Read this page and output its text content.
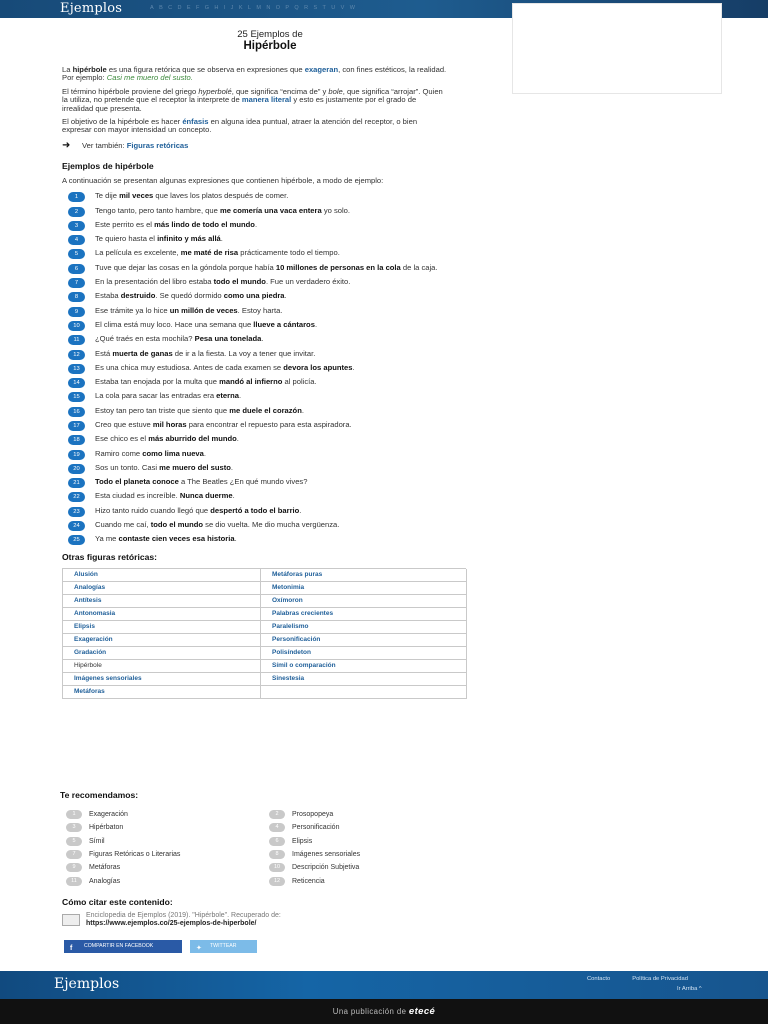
Ejemplos	A B C D E F G H I J K L M N O P Q R S T U V W
25 Ejemplos de
Hipérbole

La hipérbole es una figura retórica que se observa en expresiones que exageran, con fines estéticos, la realidad. Por ejemplo: Casi me muero del susto.

El término hipérbole proviene del griego hyperbolé, que significa “encima de” y bole, que significa “arrojar”. Quien la utiliza, no pretende que el receptor la interprete de manera literal y esto es justamente por el grado de irrealidad que presenta.

El objetivo de la hipérbole es hacer énfasis en alguna idea puntual, atraer la atención del receptor, o bien expresar con mayor intensidad un concepto.

➜	Ver también: Figuras retóricas
Ejemplos de hipérbole

A continuación se presentan algunas expresiones que contienen hipérbole, a modo de ejemplo:

1	Te dije mil veces que laves los platos después de comer.
2	Tengo tanto, pero tanto hambre, que me comería una vaca entera yo solo.
3	Este perrito es el más lindo de todo el mundo.
4	Te quiero hasta el infinito y más allá.
5	La película es excelente, me maté de risa prácticamente todo el tiempo.
6	Tuve que dejar las cosas en la góndola porque había 10 millones de personas en la cola de la caja.
7	En la presentación del libro estaba todo el mundo. Fue un verdadero éxito.
8	Estaba destruido. Se quedó dormido como una piedra.
9	Ese trámite ya lo hice un millón de veces. Estoy harta.
10	El clima está muy loco. Hace una semana que llueve a cántaros.
11	¿Qué traés en esta mochila? Pesa una tonelada.
12	Está muerta de ganas de ir a la fiesta. La voy a tener que invitar.
13	Es una chica muy estudiosa. Antes de cada examen se devora los apuntes.
14	Estaba tan enojada por la multa que mandó al infierno al policía.
15	La cola para sacar las entradas era eterna.
16	Estoy tan pero tan triste que siento que me duele el corazón.
17	Creo que estuve mil horas para encontrar el repuesto para esta aspiradora.
18	Ese chico es el más aburrido del mundo.
19	Ramiro come como lima nueva.
20	Sos un tonto. Casi me muero del susto.
21	Todo el planeta conoce a The Beatles ¿En qué mundo vives?
22	Esta ciudad es increíble. Nunca duerme.
23	Hizo tanto ruido cuando llegó que despertó a todo el barrio.
24	Cuando me caí, todo el mundo se dio vuelta. Me dio mucha vergüenza.
25	Ya me contaste cien veces esa historia.
Otras figuras retóricas:
Alusión	Metáforas puras
Analogías	Metonimia
Antítesis	Oxímoron
Antonomasia	Palabras crecientes
Elipsis	Paralelismo
Exageración	Personificación
Gradación	Polisíndeton
Hipérbole	Símil o comparación
Imágenes sensoriales	Sinestesia
Metáforas
Te recomendamos:
1	Exageración	2	Prosopopeya
3	Hipérbaton	4	Personificación
5	Símil	6	Elipsis
7	Figuras Retóricas o Literarias	8	Imágenes sensoriales
9	Metáforas	10	Descripción Subjetiva
11	Analogías	12	Reticencia
Cómo citar este contenido:
Enciclopedia de Ejemplos (2019). "Hipérbole". Recuperado de:
https://www.ejemplos.co/25-ejemplos-de-hiperbole/
f COMPARTIR EN FACEBOOK	✦ TWITTEAR
Ejemplos	Contacto	Política de Privacidad
Ir Arriba ^
Una publicación de etecé
